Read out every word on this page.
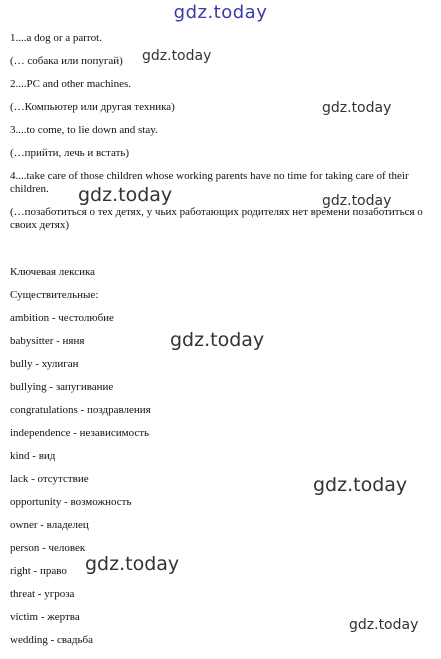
gdz.today
1....a dog or a parrot.
(… собака или попугай)
2....PC and other machines.
(…Компьютер или другая техника)
3....to come, to lie down and stay.
(…прийти, лечь и встать)
4....take care of those children whose working parents have no time for taking care of their children.
(…позаботиться о тех детях, у чьих работающих родителях нет времени позаботиться о своих детях)
Ключевая лексика
Существительные:
ambition - честолюбие
babysitter - няня
bully - хулиган
bullying - запугивание
congratulations - поздравления
independence - независимость
kind - вид
lack - отсутствие
opportunity - возможность
owner - владелец
person - человек
right - право
threat - угроза
victim - жертва
wedding - свадьба
gdz.today
gdz.today
gdz.today	gdz.today
gdz.today
gdz.today
gdz.today
gdz.today
